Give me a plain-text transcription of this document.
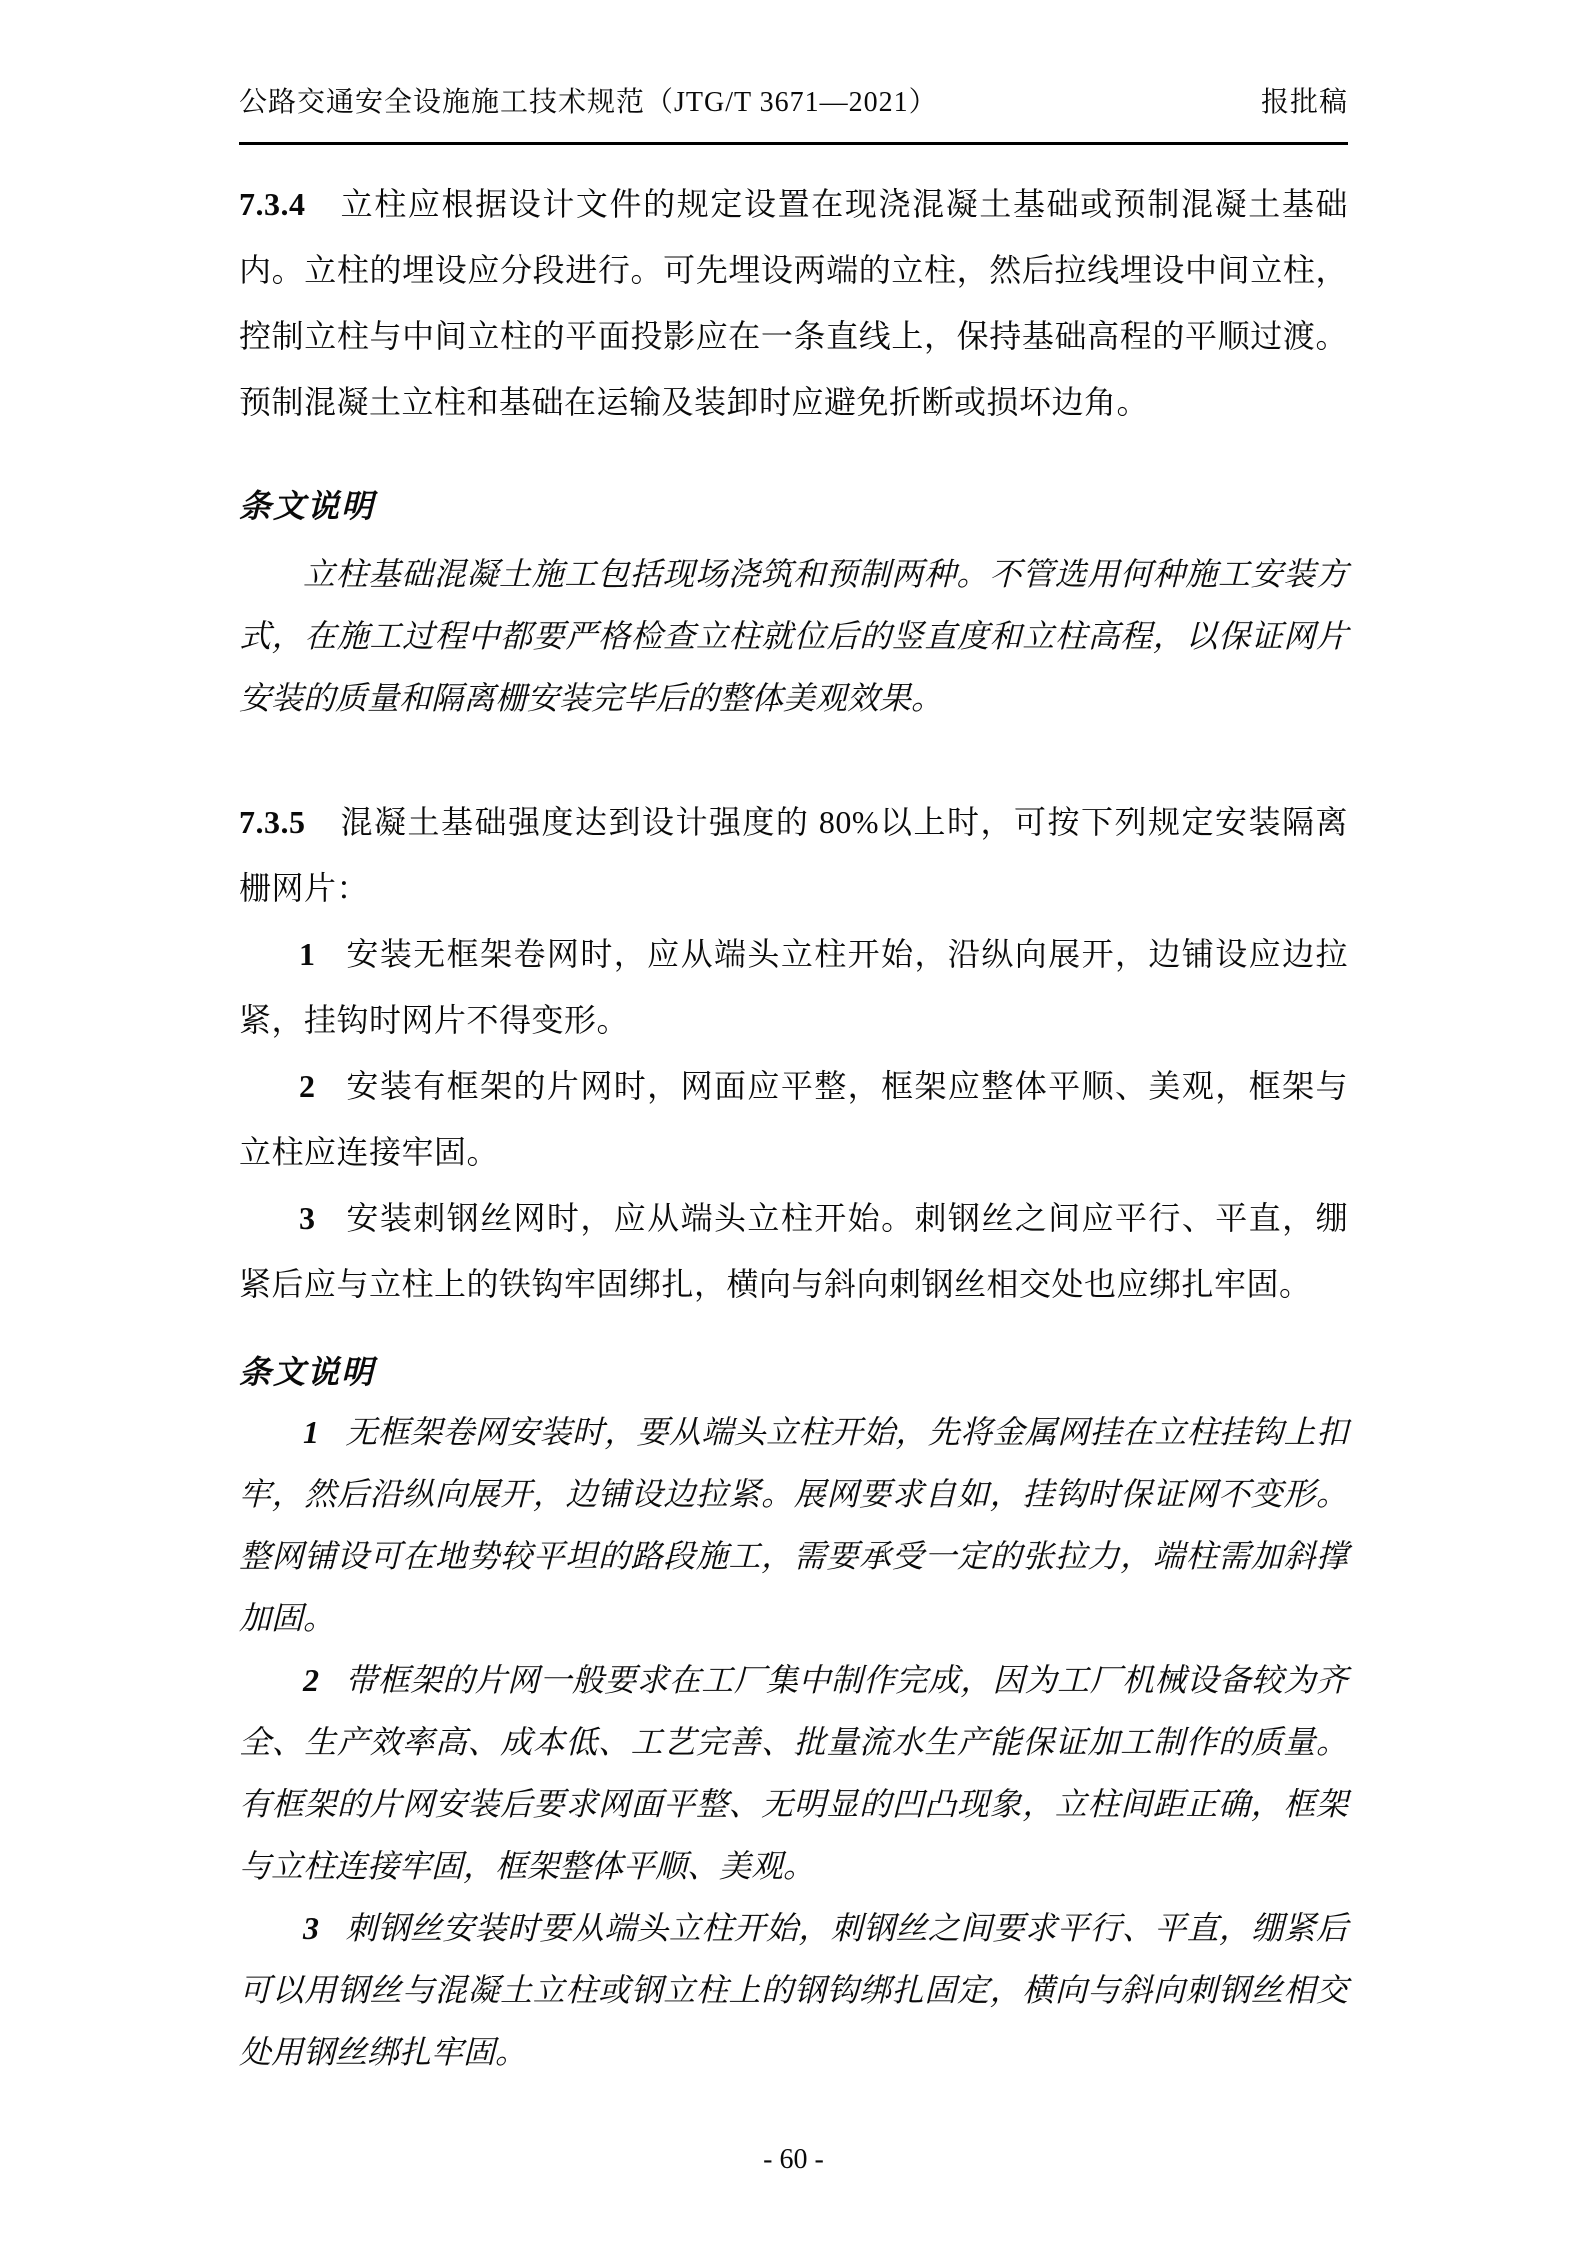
公路交通安全设施施工技术规范（JTG/T 3671—2021）	报批稿

7.3.4 立柱应根据设计文件的规定设置在现浇混凝土基础或预制混凝土基础内。立柱的埋设应分段进行。可先埋设两端的立柱，然后拉线埋设中间立柱，控制立柱与中间立柱的平面投影应在一条直线上，保持基础高程的平顺过渡。预制混凝土立柱和基础在运输及装卸时应避免折断或损坏边角。

条文说明

立柱基础混凝土施工包括现场浇筑和预制两种。不管选用何种施工安装方式，在施工过程中都要严格检查立柱就位后的竖直度和立柱高程，以保证网片安装的质量和隔离栅安装完毕后的整体美观效果。

7.3.5 混凝土基础强度达到设计强度的 80%以上时，可按下列规定安装隔离栅网片：

1 安装无框架卷网时，应从端头立柱开始，沿纵向展开，边铺设应边拉紧，挂钩时网片不得变形。

2 安装有框架的片网时，网面应平整，框架应整体平顺、美观，框架与立柱应连接牢固。

3 安装刺钢丝网时，应从端头立柱开始。刺钢丝之间应平行、平直，绷紧后应与立柱上的铁钩牢固绑扎，横向与斜向刺钢丝相交处也应绑扎牢固。

条文说明

1 无框架卷网安装时，要从端头立柱开始，先将金属网挂在立柱挂钩上扣牢，然后沿纵向展开，边铺设边拉紧。展网要求自如，挂钩时保证网不变形。整网铺设可在地势较平坦的路段施工，需要承受一定的张拉力，端柱需加斜撑加固。

2 带框架的片网一般要求在工厂集中制作完成，因为工厂机械设备较为齐全、生产效率高、成本低、工艺完善、批量流水生产能保证加工制作的质量。有框架的片网安装后要求网面平整、无明显的凹凸现象，立柱间距正确，框架与立柱连接牢固，框架整体平顺、美观。

3 刺钢丝安装时要从端头立柱开始，刺钢丝之间要求平行、平直，绷紧后可以用钢丝与混凝土立柱或钢立柱上的钢钩绑扎固定，横向与斜向刺钢丝相交处用钢丝绑扎牢固。

- 60 -
